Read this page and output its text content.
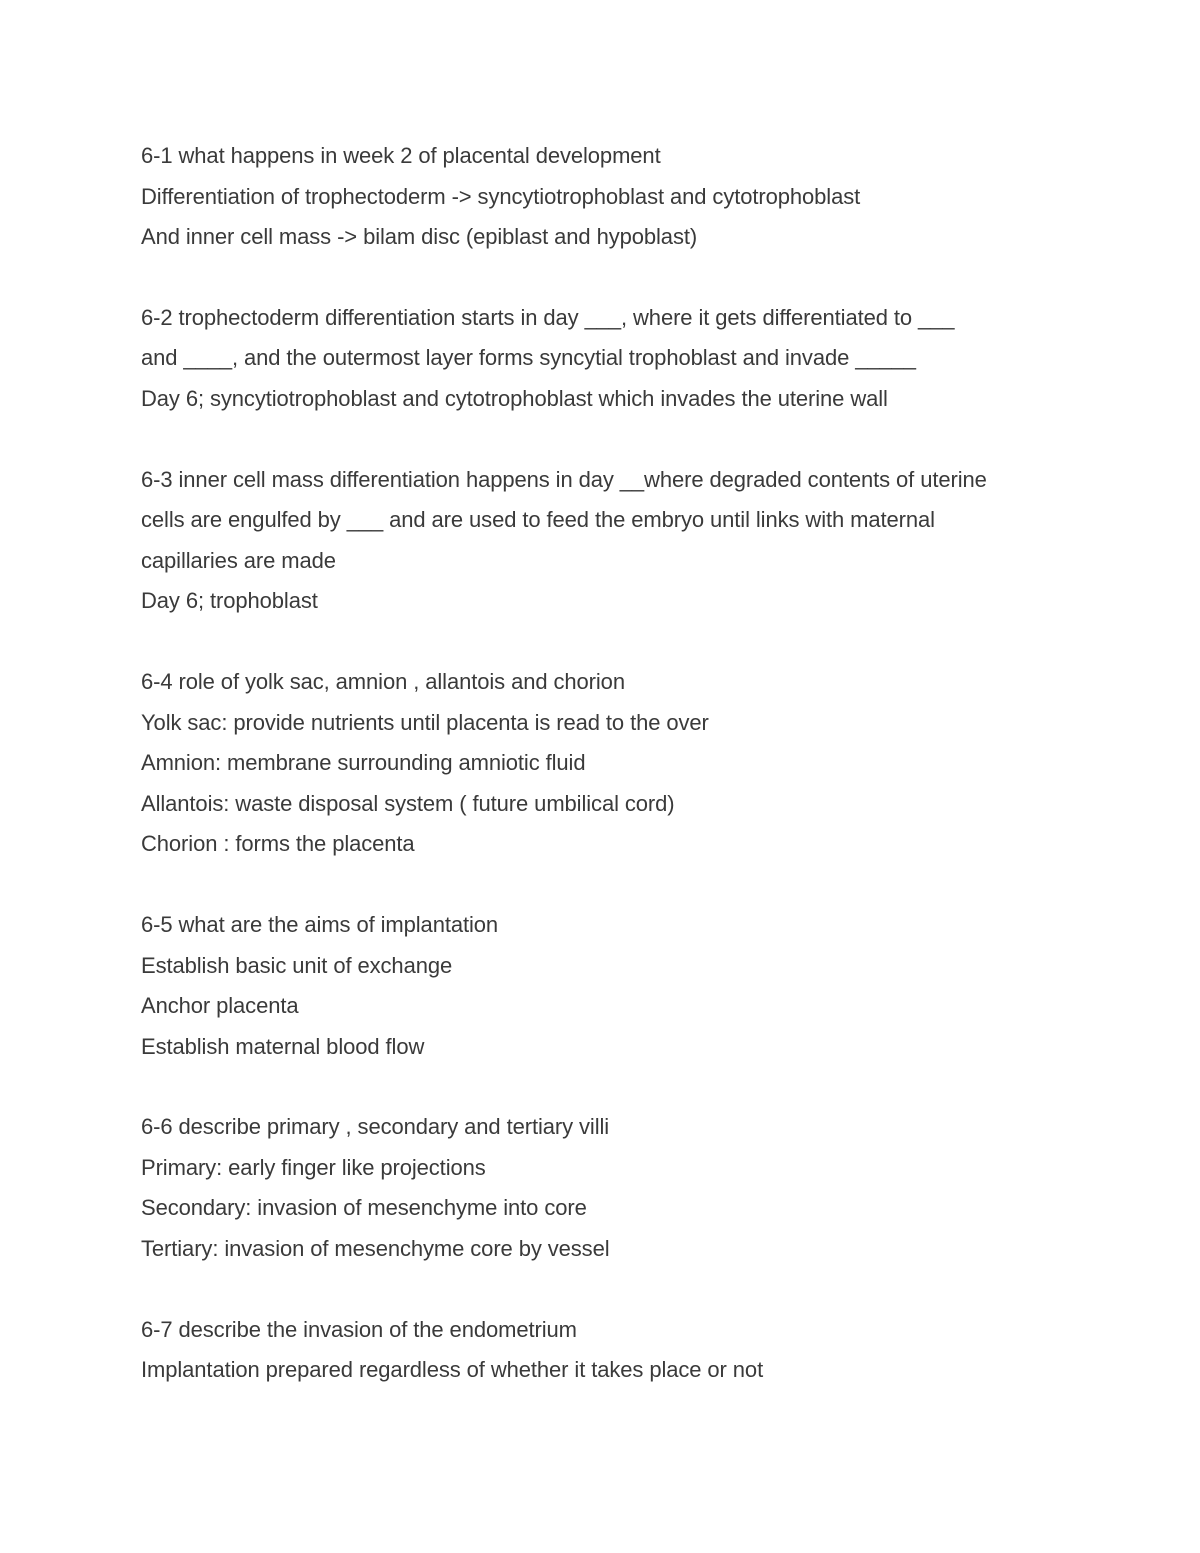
6-1 what happens in week 2 of placental development
Differentiation of trophectoderm -> syncytiotrophoblast and cytotrophoblast
And inner cell mass -> bilam disc (epiblast and hypoblast)
6-2 trophectoderm differentiation starts in day ___, where it gets differentiated to ___
and ____, and the outermost layer forms syncytial trophoblast and invade _____
Day 6; syncytiotrophoblast and cytotrophoblast which invades the uterine wall
6-3 inner cell mass differentiation happens in day __where degraded contents of uterine
cells are engulfed by ___ and are used to feed the embryo until links with maternal
capillaries are made
Day 6; trophoblast
6-4 role of yolk sac, amnion , allantois and chorion
Yolk sac: provide nutrients until placenta is read to the over
Amnion: membrane surrounding amniotic fluid
Allantois: waste disposal system ( future umbilical cord)
Chorion : forms the placenta
6-5 what are the aims of implantation
Establish basic unit of exchange
Anchor placenta
Establish maternal blood flow
6-6 describe primary , secondary and tertiary villi
Primary: early finger like projections
Secondary: invasion of mesenchyme into core
Tertiary: invasion of mesenchyme core by vessel
6-7 describe the invasion of the endometrium
Implantation prepared regardless of whether it takes place or not
